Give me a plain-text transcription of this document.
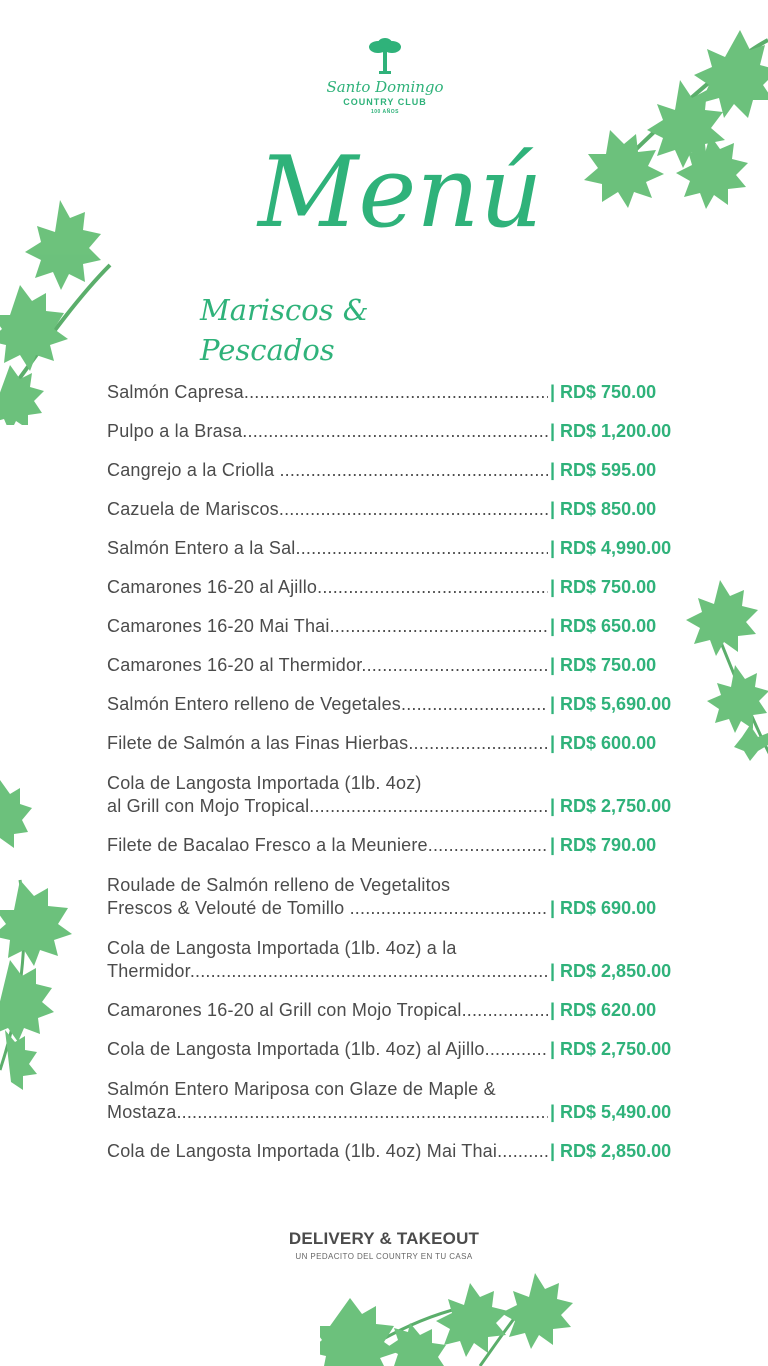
Santo Domingo
COUNTRY CLUB
100 AÑOS
Menú
Mariscos & Pescados
Salmón Capresa .....	| RD$ 750.00
Pulpo a la Brasa .....	| RD$ 1,200.00
Cangrejo a la Criolla .....	| RD$ 595.00
Cazuela de Mariscos .....	| RD$ 850.00
Salmón Entero a la Sal .....	| RD$ 4,990.00
Camarones 16-20 al Ajillo .....	| RD$ 750.00
Camarones 16-20 Mai Thai .....	| RD$ 650.00
Camarones 16-20 al Thermidor .....	| RD$ 750.00
Salmón Entero relleno de Vegetales .....	| RD$ 5,690.00
Filete de Salmón a las Finas Hierbas .....	| RD$ 600.00
Cola de Langosta Importada (1lb. 4oz)
al Grill con Mojo Tropical .....	| RD$ 2,750.00
Filete de Bacalao Fresco a la Meuniere .....	| RD$ 790.00
Roulade de Salmón relleno de Vegetalitos
Frescos & Velouté de Tomillo .....	| RD$ 690.00
Cola de Langosta Importada (1lb. 4oz) a la
Thermidor .....	| RD$ 2,850.00
Camarones 16-20 al Grill con Mojo Tropical .....	| RD$ 620.00
Cola de Langosta Importada (1lb. 4oz) al Ajillo .....	| RD$ 2,750.00
Salmón Entero Mariposa con Glaze de Maple &
Mostaza .....	| RD$ 5,490.00
Cola de Langosta Importada (1lb. 4oz) Mai Thai .....	| RD$ 2,850.00
DELIVERY & TAKEOUT
UN PEDACITO DEL COUNTRY EN TU CASA
